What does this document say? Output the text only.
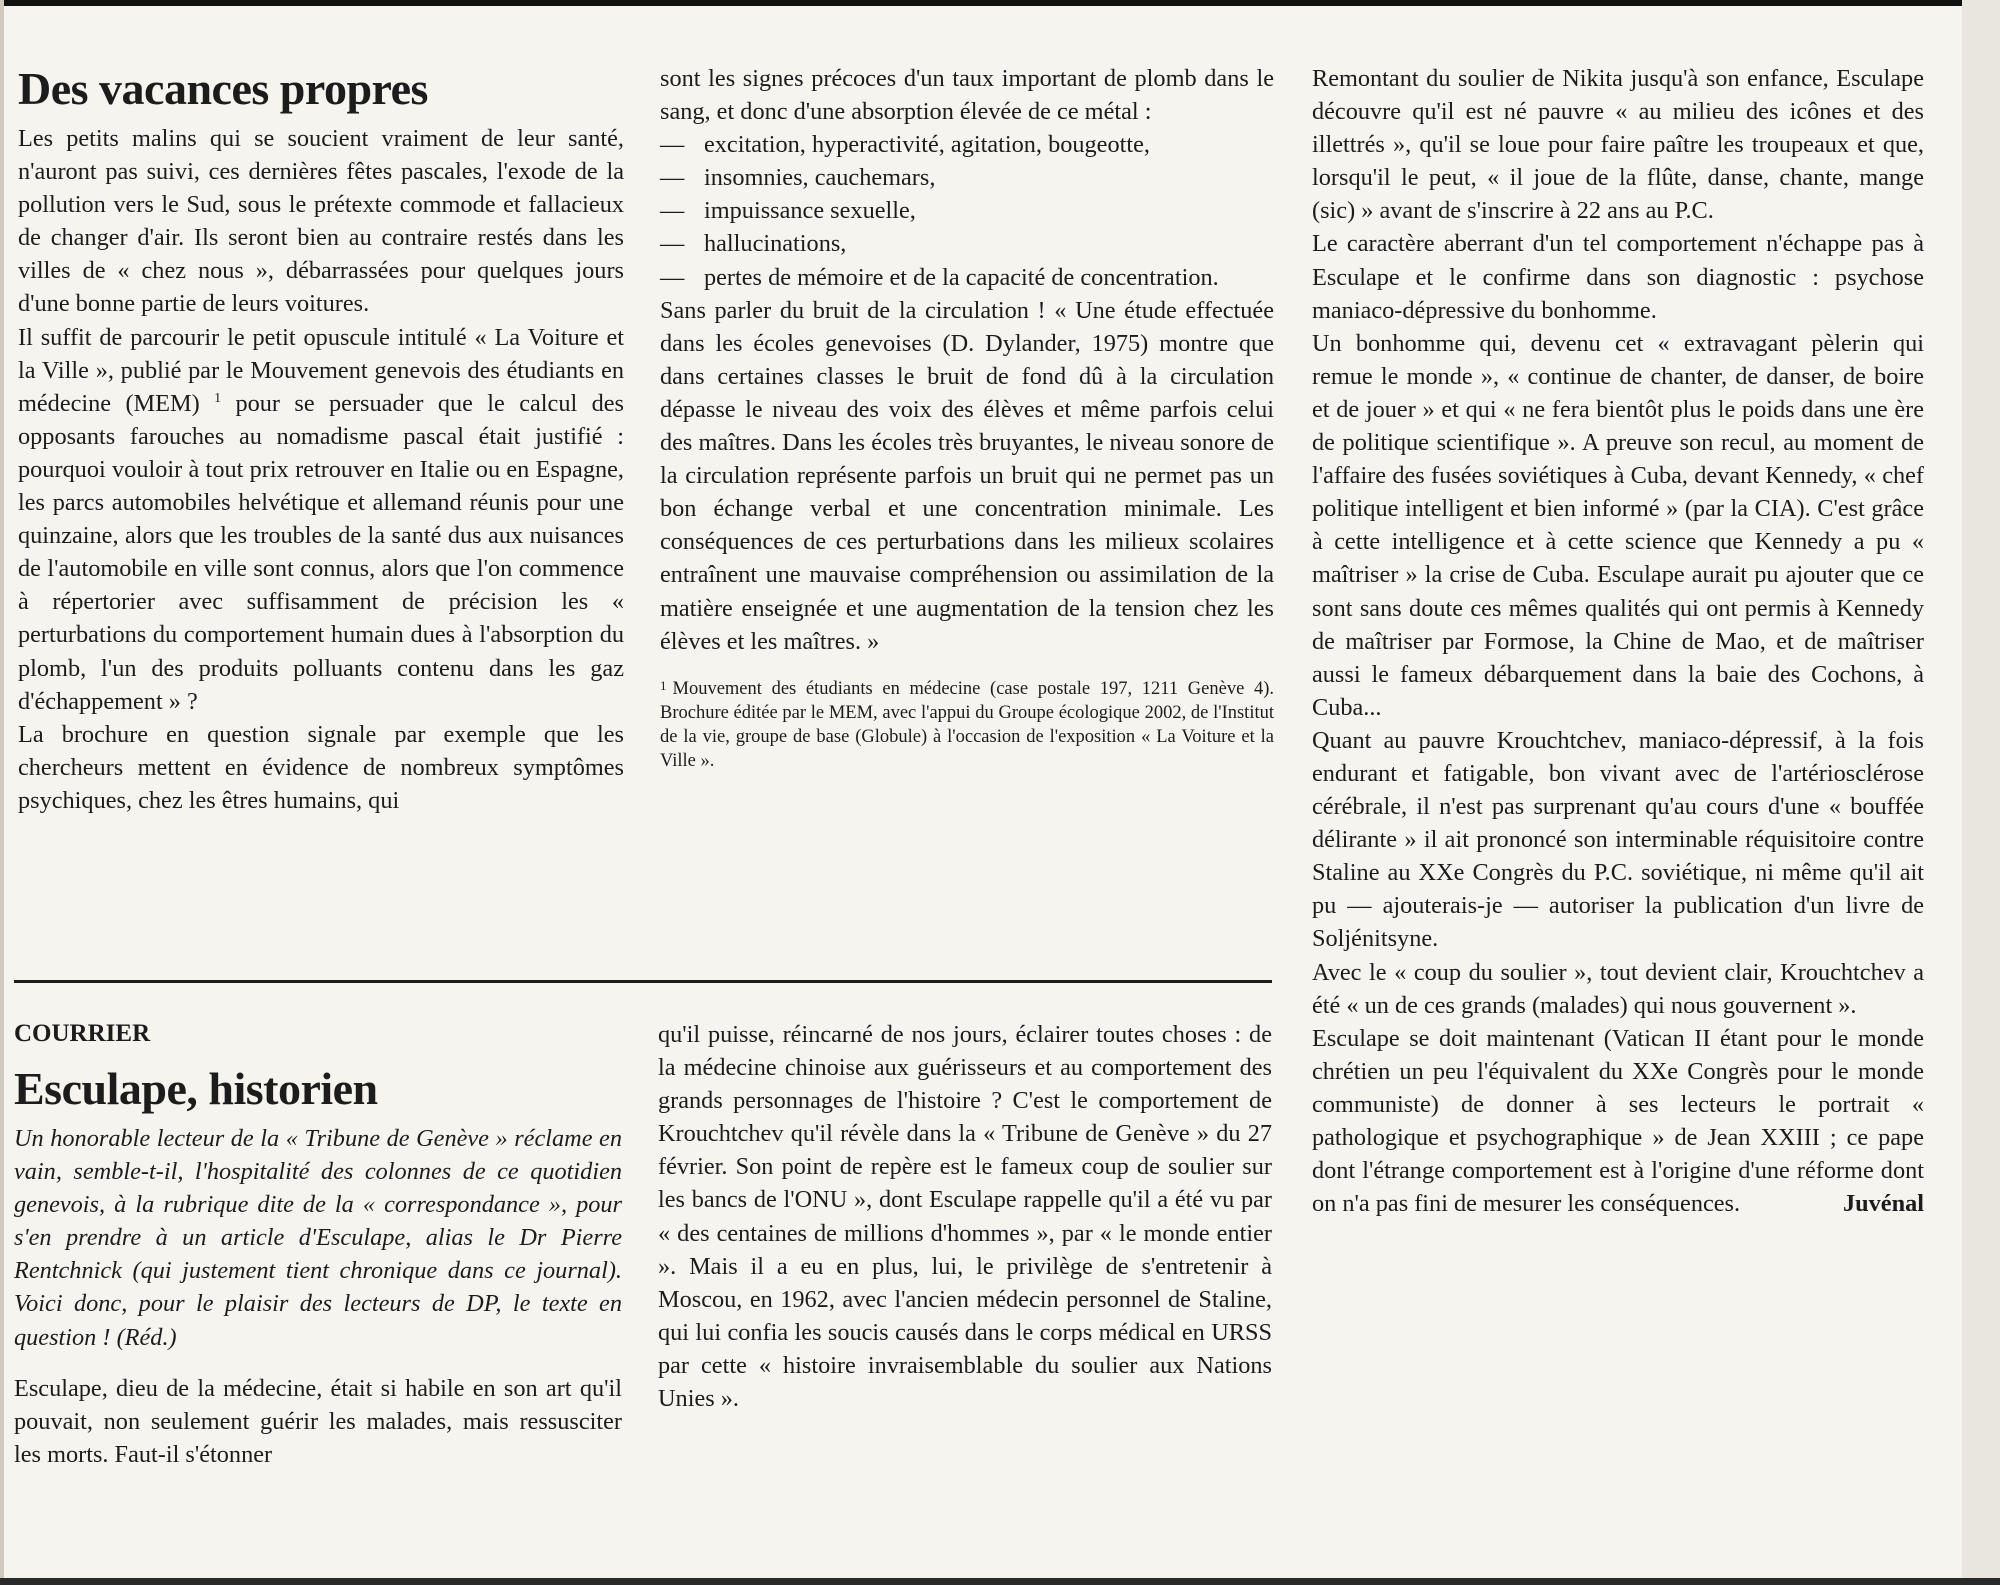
Des vacances propres

Les petits malins qui se soucient vraiment de leur santé, n'auront pas suivi, ces dernières fêtes pascales, l'exode de la pollution vers le Sud, sous le prétexte commode et fallacieux de changer d'air. Ils seront bien au contraire restés dans les villes de « chez nous », débarrassées pour quelques jours d'une bonne partie de leurs voitures.

Il suffit de parcourir le petit opuscule intitulé « La Voiture et la Ville », publié par le Mouvement genevois des étudiants en médecine (MEM) $^1$ pour se persuader que le calcul des opposants farouches au nomadisme pascal était justifié : pourquoi vouloir à tout prix retrouver en Italie ou en Espagne, les parcs automobiles helvétique et allemand réunis pour une quinzaine, alors que les troubles de la santé dus aux nuisances de l'automobile en ville sont connus, alors que l'on commence à répertorier avec suffisamment de précision les « perturbations du comportement humain dues à l'absorption du plomb, l'un des produits polluants contenu dans les gaz d'échappement » ?

La brochure en question signale par exemple que les chercheurs mettent en évidence de nombreux symptômes psychiques, chez les êtres humains, qui

sont les signes précoces d'un taux important de plomb dans le sang, et donc d'une absorption élevée de ce métal :

— excitation, hyperactivité, agitation, bougeotte,
— insomnies, cauchemars,
— impuissance sexuelle,
— hallucinations,
— pertes de mémoire et de la capacité de concentration.

Sans parler du bruit de la circulation ! « Une étude effectuée dans les écoles genevoises (D. Dylander, 1975) montre que dans certaines classes le bruit de fond dû à la circulation dépasse le niveau des voix des élèves et même parfois celui des maîtres. Dans les écoles très bruyantes, le niveau sonore de la circulation représente parfois un bruit qui ne permet pas un bon échange verbal et une concentration minimale. Les conséquences de ces perturbations dans les milieux scolaires entraînent une mauvaise compréhension ou assimilation de la matière enseignée et une augmentation de la tension chez les élèves et les maîtres. »

$^1$ Mouvement des étudiants en médecine (case postale 197, 1211 Genève 4). Brochure éditée par le MEM, avec l'appui du Groupe écologique 2002, de l'Institut de la vie, groupe de base (Globule) à l'occasion de l'exposition « La Voiture et la Ville ».

Remontant du soulier de Nikita jusqu'à son enfance, Esculape découvre qu'il est né pauvre « au milieu des icônes et des illettrés », qu'il se loue pour faire paître les troupeaux et que, lorsqu'il le peut, « il joue de la flûte, danse, chante, mange (sic) » avant de s'inscrire à 22 ans au P.C.

Le caractère aberrant d'un tel comportement n'échappe pas à Esculape et le confirme dans son diagnostic : psychose maniaco-dépressive du bonhomme.

Un bonhomme qui, devenu cet « extravagant pèlerin qui remue le monde », « continue de chanter, de danser, de boire et de jouer » et qui « ne fera bientôt plus le poids dans une ère de politique scientifique ». A preuve son recul, au moment de l'affaire des fusées soviétiques à Cuba, devant Kennedy, « chef politique intelligent et bien informé » (par la CIA). C'est grâce à cette intelligence et à cette science que Kennedy a pu « maîtriser » la crise de Cuba. Esculape aurait pu ajouter que ce sont sans doute ces mêmes qualités qui ont permis à Kennedy de maîtriser par Formose, la Chine de Mao, et de maîtriser aussi le fameux débarquement dans la baie des Cochons, à Cuba...

Quant au pauvre Krouchtchev, maniaco-dépressif, à la fois endurant et fatigable, bon vivant avec de l'artériosclérose cérébrale, il n'est pas surprenant qu'au cours d'une « bouffée délirante » il ait prononcé son interminable réquisitoire contre Staline au XXe Congrès du P.C. soviétique, ni même qu'il ait pu — ajouterais-je — autoriser la publication d'un livre de Soljénitsyne.

Avec le « coup du soulier », tout devient clair, Krouchtchev a été « un de ces grands (malades) qui nous gouvernent ».

Esculape se doit maintenant (Vatican II étant pour le monde chrétien un peu l'équivalent du XXe Congrès pour le monde communiste) de donner à ses lecteurs le portrait « pathologique et psychographique » de Jean XXIII ; ce pape dont l'étrange comportement est à l'origine d'une réforme dont on n'a pas fini de mesurer les conséquences.	Juvénal

COURRIER
Esculape, historien

Un honorable lecteur de la « Tribune de Genève » réclame en vain, semble-t-il, l'hospitalité des colonnes de ce quotidien genevois, à la rubrique dite de la « correspondance », pour s'en prendre à un article d'Esculape, alias le Dr Pierre Rentchnick (qui justement tient chronique dans ce journal). Voici donc, pour le plaisir des lecteurs de DP, le texte en question ! (Réd.)

Esculape, dieu de la médecine, était si habile en son art qu'il pouvait, non seulement guérir les malades, mais ressusciter les morts. Faut-il s'étonner

qu'il puisse, réincarné de nos jours, éclairer toutes choses : de la médecine chinoise aux guérisseurs et au comportement des grands personnages de l'histoire ? C'est le comportement de Krouchtchev qu'il révèle dans la « Tribune de Genève » du 27 février. Son point de repère est le fameux coup de soulier sur les bancs de l'ONU », dont Esculape rappelle qu'il a été vu par « des centaines de millions d'hommes », par « le monde entier ». Mais il a eu en plus, lui, le privilège de s'entretenir à Moscou, en 1962, avec l'ancien médecin personnel de Staline, qui lui confia les soucis causés dans le corps médical en URSS par cette « histoire invraisemblable du soulier aux Nations Unies ».
